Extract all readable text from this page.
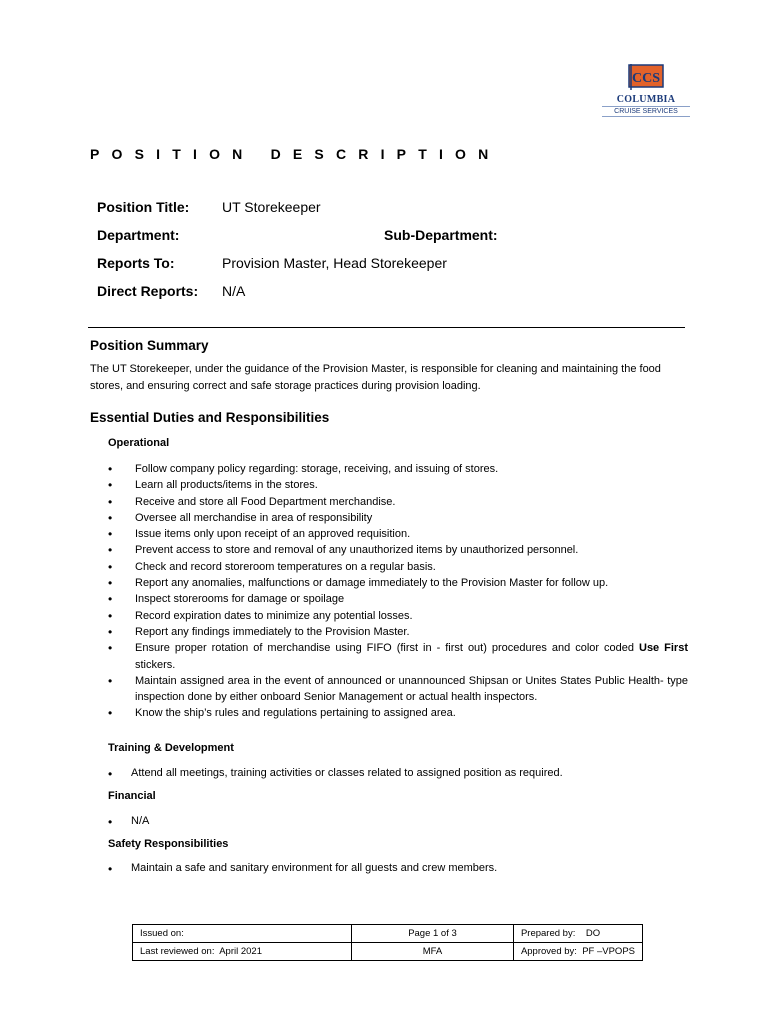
CCS
COLUMBIA
CRUISE SERVICES
POSITION DESCRIPTION
Position Title: UT Storekeeper
Department:	Sub-Department:
Reports To:	Provision Master, Head Storekeeper
Direct Reports: N/A
Position Summary
The UT Storekeeper, under the guidance of the Provision Master, is responsible for cleaning and maintaining the food
stores, and ensuring correct and safe storage practices during provision loading.
Essential Duties and Responsibilities
Operational
• Follow company policy regarding: storage, receiving, and issuing of stores.
• Learn all products/items in the stores.
• Receive and store all Food Department merchandise.
• Oversee all merchandise in area of responsibility
• Issue items only upon receipt of an approved requisition.
• Prevent access to store and removal of any unauthorized items by unauthorized personnel.
• Check and record storeroom temperatures on a regular basis.
• Report any anomalies, malfunctions or damage immediately to the Provision Master for follow up.
• Inspect storerooms for damage or spoilage
• Record expiration dates to minimize any potential losses.
• Report any findings immediately to the Provision Master.
• Ensure proper rotation of merchandise using FIFO (first in - first out) procedures and color coded Use First stickers.
• Maintain assigned area in the event of announced or unannounced Shipsan or Unites States Public Health- type inspection done by either onboard Senior Management or actual health inspectors.
• Know the ship’s rules and regulations pertaining to assigned area.
Training & Development
• Attend all meetings, training activities or classes related to assigned position as required.
Financial
• N/A
Safety Responsibilities
• Maintain a safe and sanitary environment for all guests and crew members.
Issued on:	Page 1 of 3	Prepared by:    DO
Last reviewed on:  April 2021	MFA	Approved by:  PF –VPOPS
